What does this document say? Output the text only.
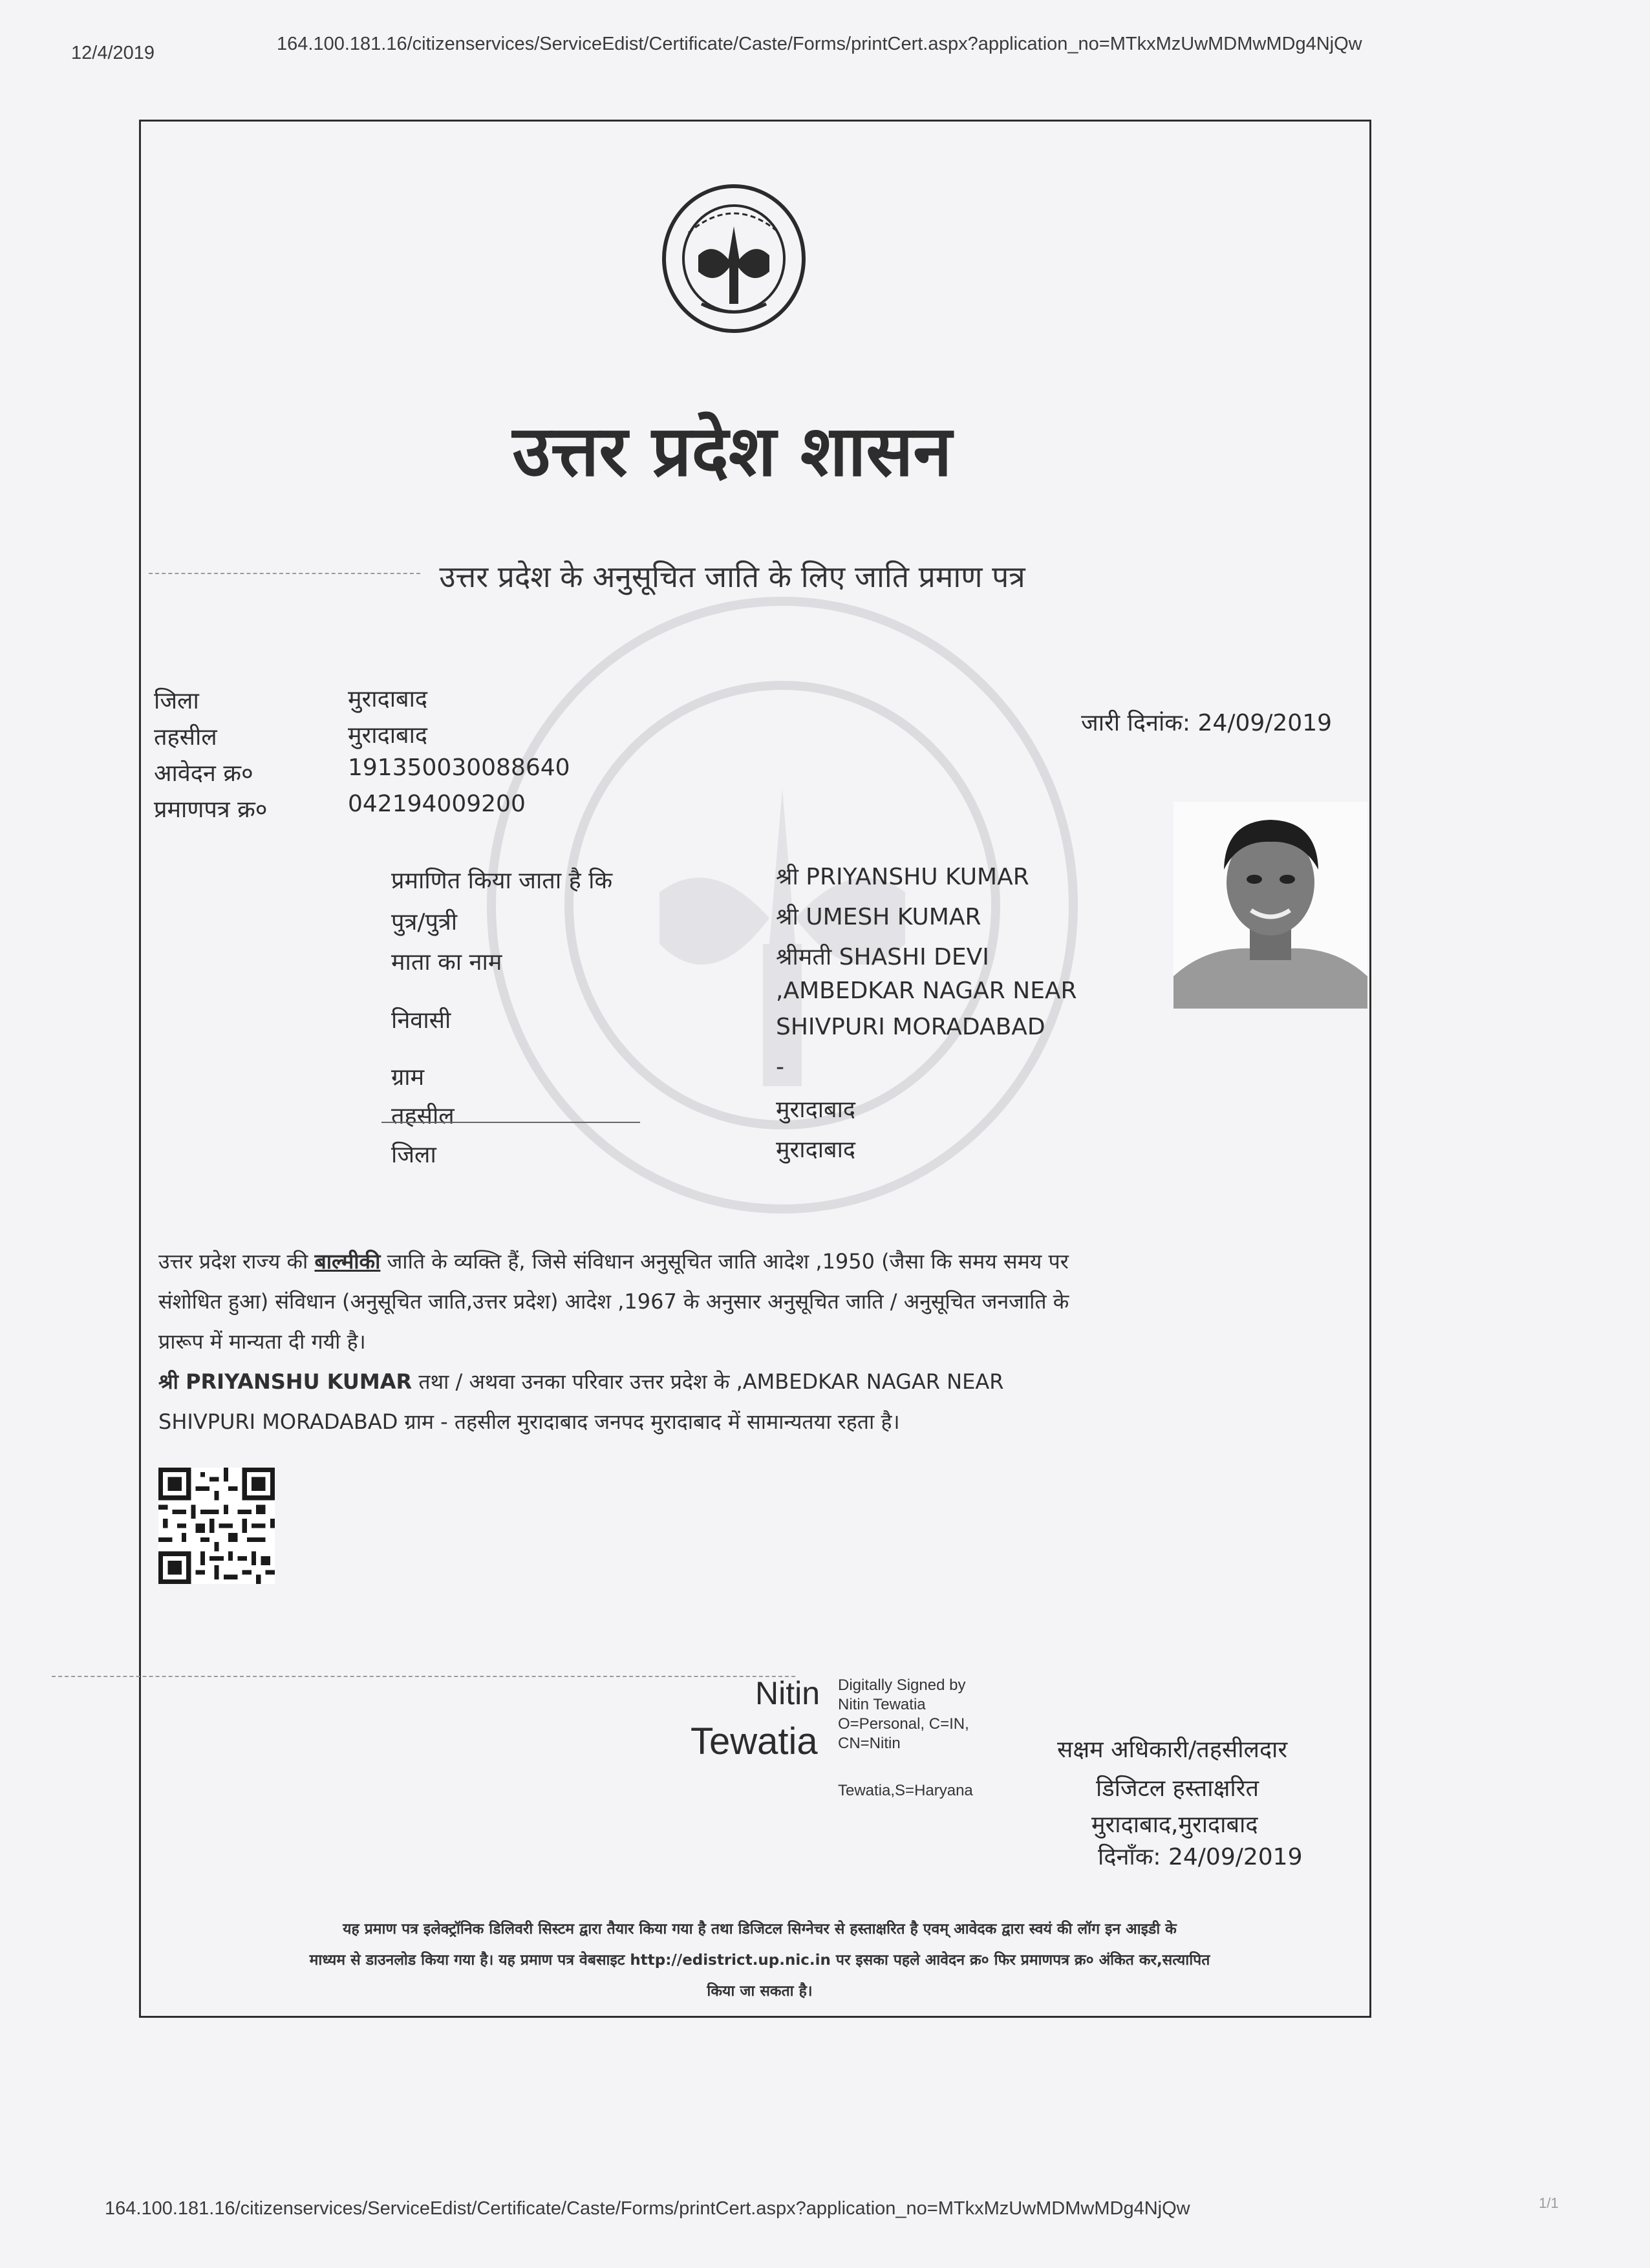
12/4/2019	164.100.181.16/citizenservices/ServiceEdist/Certificate/Caste/Forms/printCert.aspx?application_no=MTkxMzUwMDMwMDg4NjQw
उत्तर प्रदेश शासन
उत्तर प्रदेश के अनुसूचित जाति के लिए जाति प्रमाण पत्र
जिला	मुरादाबाद
तहसील	मुरादाबाद
आवेदन क्र०	191350030088640
प्रमाणपत्र क्र०	042194009200
जारी दिनांक: 24/09/2019
प्रमाणित किया जाता है कि	श्री PRIYANSHU KUMAR
पुत्र/पुत्री	श्री UMESH KUMAR
माता का नाम	श्रीमती SHASHI DEVI
निवासी
,AMBEDKAR NAGAR NEAR
SHIVPURI MORADABAD
ग्राम	-
तहसील	मुरादाबाद
जिला	मुरादाबाद
उत्तर प्रदेश राज्य की बाल्मीकी जाति के व्यक्ति हैं, जिसे संविधान अनुसूचित जाति आदेश ,1950 (जैसा कि समय समय पर
संशोधित हुआ) संविधान (अनुसूचित जाति,उत्तर प्रदेश) आदेश ,1967 के अनुसार अनुसूचित जाति / अनुसूचित जनजाति के
प्रारूप में मान्यता दी गयी है।
श्री PRIYANSHU KUMAR तथा / अथवा उनका परिवार उत्तर प्रदेश के ,AMBEDKAR NAGAR NEAR
SHIVPURI MORADABAD ग्राम - तहसील मुरादाबाद जनपद मुरादाबाद में सामान्यतया रहता है।
Nitin
Tewatia
Digitally Signed by
Nitin Tewatia
O=Personal, C=IN,
CN=Nitin
Tewatia,S=Haryana
सक्षम अधिकारी/तहसीलदार
डिजिटल हस्ताक्षरित
मुरादाबाद,मुरादाबाद
दिनाँक: 24/09/2019
यह प्रमाण पत्र इलेक्ट्रॉनिक डिलिवरी सिस्टम द्वारा तैयार किया गया है तथा डिजिटल सिग्नेचर से हस्ताक्षरित है एवम् आवेदक द्वारा स्वयं की लॉग इन आइडी के
माध्यम से डाउनलोड किया गया है। यह प्रमाण पत्र वेबसाइट http://edistrict.up.nic.in पर इसका पहले आवेदन क्र० फिर प्रमाणपत्र क्र० अंकित कर,सत्यापित
किया जा सकता है।
164.100.181.16/citizenservices/ServiceEdist/Certificate/Caste/Forms/printCert.aspx?application_no=MTkxMzUwMDMwMDg4NjQw	1/1
